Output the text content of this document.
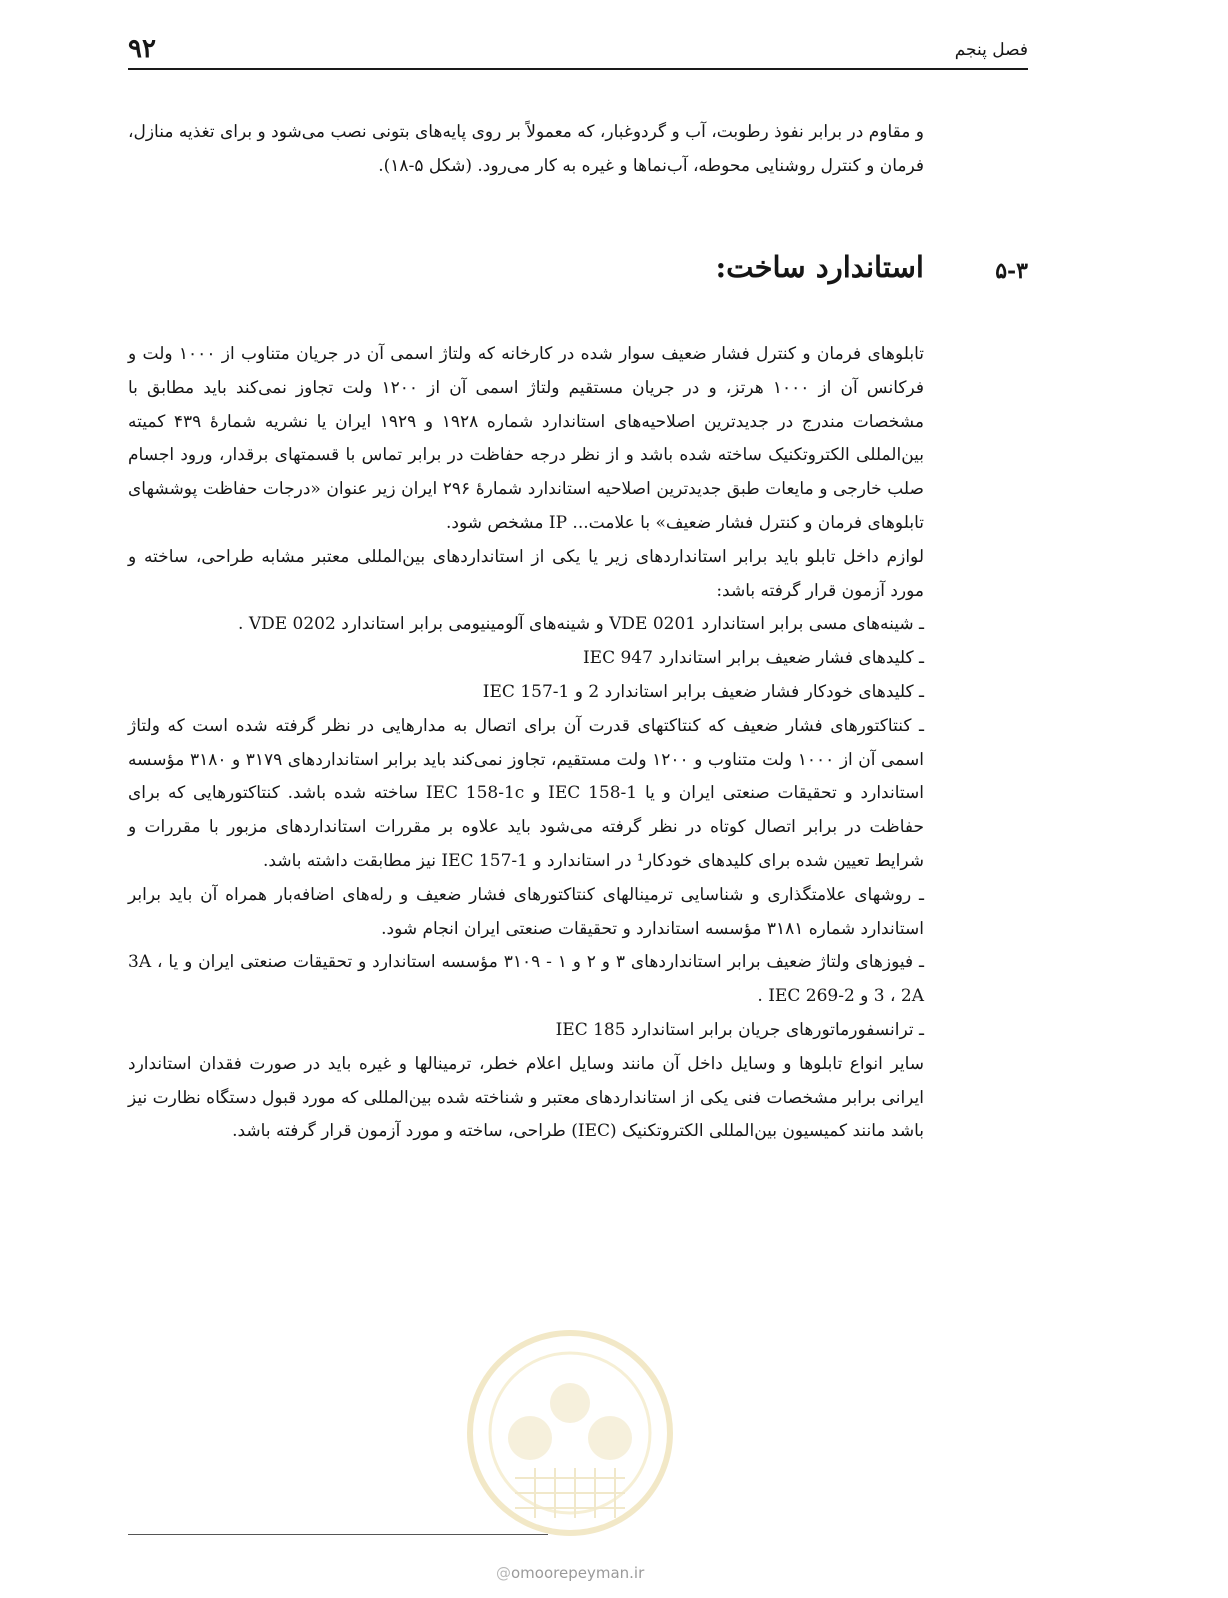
۹۲	فصل پنجم

و مقاوم در برابر نفوذ رطوبت، آب و گردوغبار، که معمولاً بر روی پایه‌های بتونی نصب می‌شود و برای تغذیه منازل، فرمان و کنترل روشنایی محوطه، آب‌نماها و غیره به کار می‌رود. (شکل ۵-۱۸).

۵-۳
استاندارد ساخت:

تابلوهای فرمان و کنترل فشار ضعیف سوار شده در کارخانه که ولتاژ اسمی آن در جریان متناوب از ۱۰۰۰ ولت و فرکانس آن از ۱۰۰۰ هرتز، و در جریان مستقیم ولتاژ اسمی آن از ۱۲۰۰ ولت تجاوز نمی‌کند باید مطابق با مشخصات مندرج در جدیدترین اصلاحیه‌های استاندارد شماره ۱۹۲۸ و ۱۹۲۹ ایران یا نشریه شمارهٔ ۴۳۹ کمیته بین‌المللی الکتروتکنیک ساخته شده باشد و از نظر درجه حفاظت در برابر تماس با قسمتهای برقدار، ورود اجسام صلب خارجی و مایعات طبق جدیدترین اصلاحیه استاندارد شمارهٔ ۲۹۶ ایران زیر عنوان «درجات حفاظت پوششهای تابلوهای فرمان و کنترل فشار ضعیف» با علامت... IP مشخص شود.

لوازم داخل تابلو باید برابر استانداردهای زیر یا یکی از استانداردهای بین‌المللی معتبر مشابه طراحی، ساخته و مورد آزمون قرار گرفته باشد:

ـ شینه‌های مسی برابر استاندارد VDE 0201 و شینه‌های آلومینیومی برابر استاندارد VDE 0202 .

ـ کلیدهای فشار ضعیف برابر استاندارد IEC 947

ـ کلیدهای خودکار فشار ضعیف برابر استاندارد 2 و IEC 157-1

ـ کنتاکتورهای فشار ضعیف که کنتاکتهای قدرت آن برای اتصال به مدارهایی در نظر گرفته شده است که ولتاژ اسمی آن از ۱۰۰۰ ولت متناوب و ۱۲۰۰ ولت مستقیم، تجاوز نمی‌کند باید برابر استانداردهای ۳۱۷۹ و ۳۱۸۰ مؤسسه استاندارد و تحقیقات صنعتی ایران و یا IEC 158-1 و IEC 158-1c ساخته شده باشد. کنتاکتورهایی که برای حفاظت در برابر اتصال کوتاه در نظر گرفته می‌شود باید علاوه بر مقررات استانداردهای مزبور با مقررات و شرایط تعیین شده برای کلیدهای خودکار¹ در استاندارد و IEC 157-1 نیز مطابقت داشته باشد.

ـ روشهای علامتگذاری و شناسایی ترمینالهای کنتاکتورهای فشار ضعیف و رله‌های اضافه‌بار همراه آن باید برابر استاندارد شماره ۳۱۸۱ مؤسسه استاندارد و تحقیقات صنعتی ایران انجام شود.

ـ فیوزهای ولتاژ ضعیف برابر استانداردهای ۳ و ۲ و ۱ - ۳۱۰۹ مؤسسه استاندارد و تحقیقات صنعتی ایران و یا 3A ، 3 ، 2A و IEC 269-2 .

ـ ترانسفورماتورهای جریان برابر استاندارد IEC 185

سایر انواع تابلوها و وسایل داخل آن مانند وسایل اعلام خطر، ترمینالها و غیره باید در صورت فقدان استاندارد ایرانی برابر مشخصات فنی یکی از استانداردهای معتبر و شناخته شده بین‌المللی که مورد قبول دستگاه نظارت نیز باشد مانند کمیسیون بین‌المللی الکتروتکنیک (IEC) طراحی، ساخته و مورد آزمون قرار گرفته باشد.

@omoorepeyman.ir
